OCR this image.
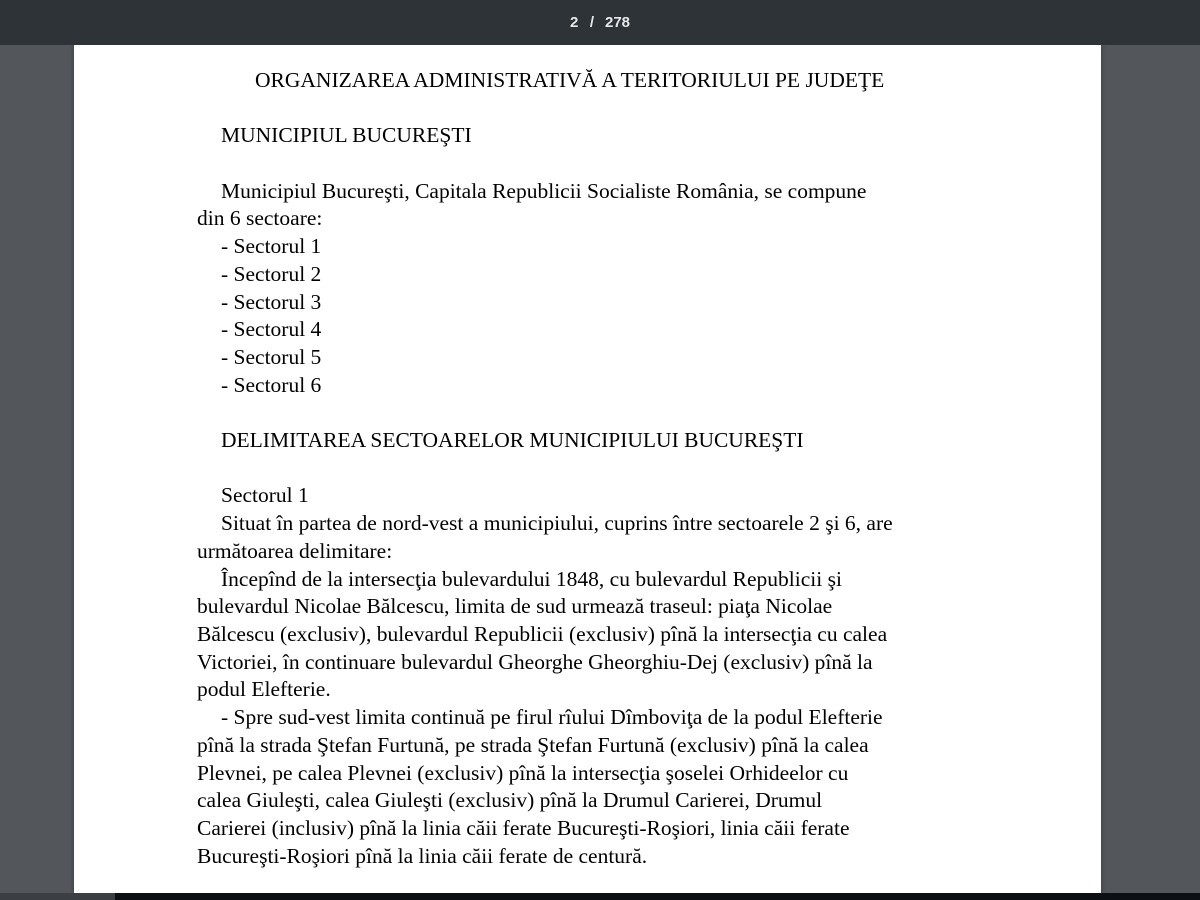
2 / 278
ORGANIZAREA ADMINISTRATIVĂ A TERITORIULUI PE JUDEŢE
MUNICIPIUL BUCUREŞTI
Municipiul Bucureşti, Capitala Republicii Socialiste România, se compune
din 6 sectoare:
- Sectorul 1
- Sectorul 2
- Sectorul 3
- Sectorul 4
- Sectorul 5
- Sectorul 6
DELIMITAREA SECTOARELOR MUNICIPIULUI BUCUREŞTI
Sectorul 1
Situat în partea de nord-vest a municipiului, cuprins între sectoarele 2 şi 6, are
următoarea delimitare:
Începînd de la intersecţia bulevardului 1848, cu bulevardul Republicii şi
bulevardul Nicolae Bălcescu, limita de sud urmează traseul: piaţa Nicolae
Bălcescu (exclusiv), bulevardul Republicii (exclusiv) pînă la intersecţia cu calea
Victoriei, în continuare bulevardul Gheorghe Gheorghiu-Dej (exclusiv) pînă la
podul Elefterie.
- Spre sud-vest limita continuă pe firul rîului Dîmboviţa de la podul Elefterie
pînă la strada Ştefan Furtună, pe strada Ştefan Furtună (exclusiv) pînă la calea
Plevnei, pe calea Plevnei (exclusiv) pînă la intersecţia şoselei Orhideelor cu
calea Giuleşti, calea Giuleşti (exclusiv) pînă la Drumul Carierei, Drumul
Carierei (inclusiv) pînă la linia căii ferate Bucureşti-Roşiori, linia căii ferate
Bucureşti-Roşiori pînă la linia căii ferate de centură.
